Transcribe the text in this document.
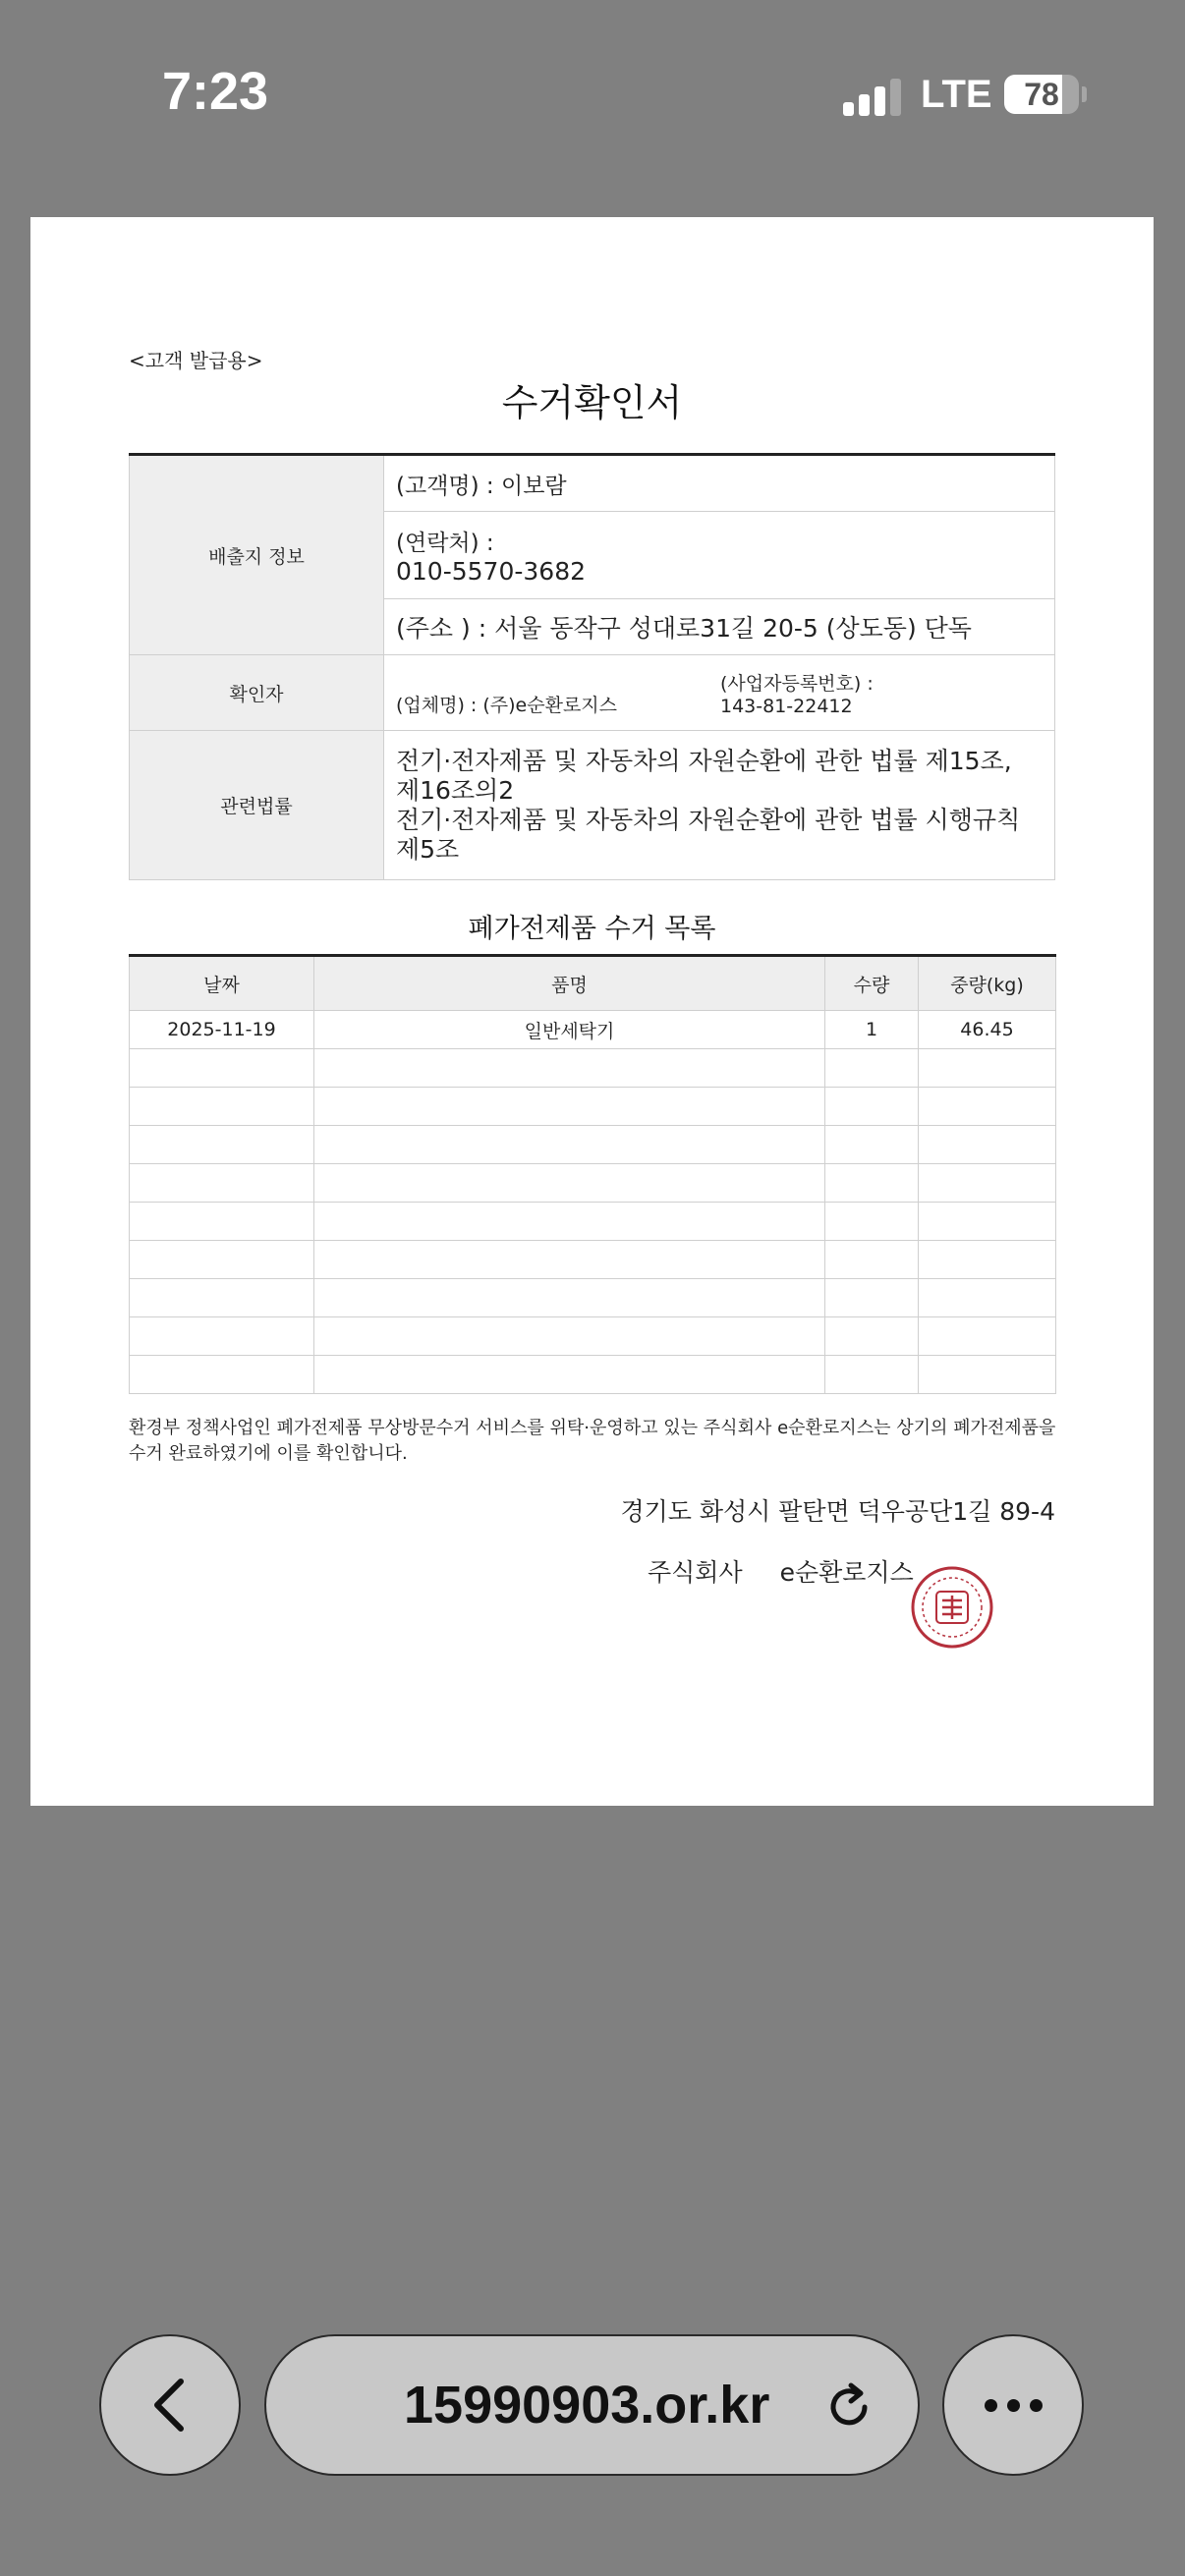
7:23	LTE	78
<고객 발급용>
수거확인서
배출지 정보	(고객명) : 이보람

	(연락처) :
010-5570-3682

	(주소 ) : 서울 동작구 성대로31길 20-5 (상도동) 단독
확인자	(업체명) : (주)e순환로지스
(사업자등록번호) :
143-81-22412

관련법률	전기·전자제품 및 자동차의 자원순환에 관한 법률 제15조,
제16조의2
전기·전자제품 및 자동차의 자원순환에 관한 법률 시행규칙
제5조
폐가전제품 수거 목록
날짜	품명	수량	중량(kg)
2025-11-19	일반세탁기	1	46.45

환경부 정책사업인 폐가전제품 무상방문수거 서비스를 위탁·운영하고 있는 주식회사 e순환로지스는 상기의 폐가전제품을
수거 완료하였기에 이를 확인합니다.
경기도 화성시 팔탄면 덕우공단1길 89-4
주식회사 e순환로지스
15990903.or.kr
